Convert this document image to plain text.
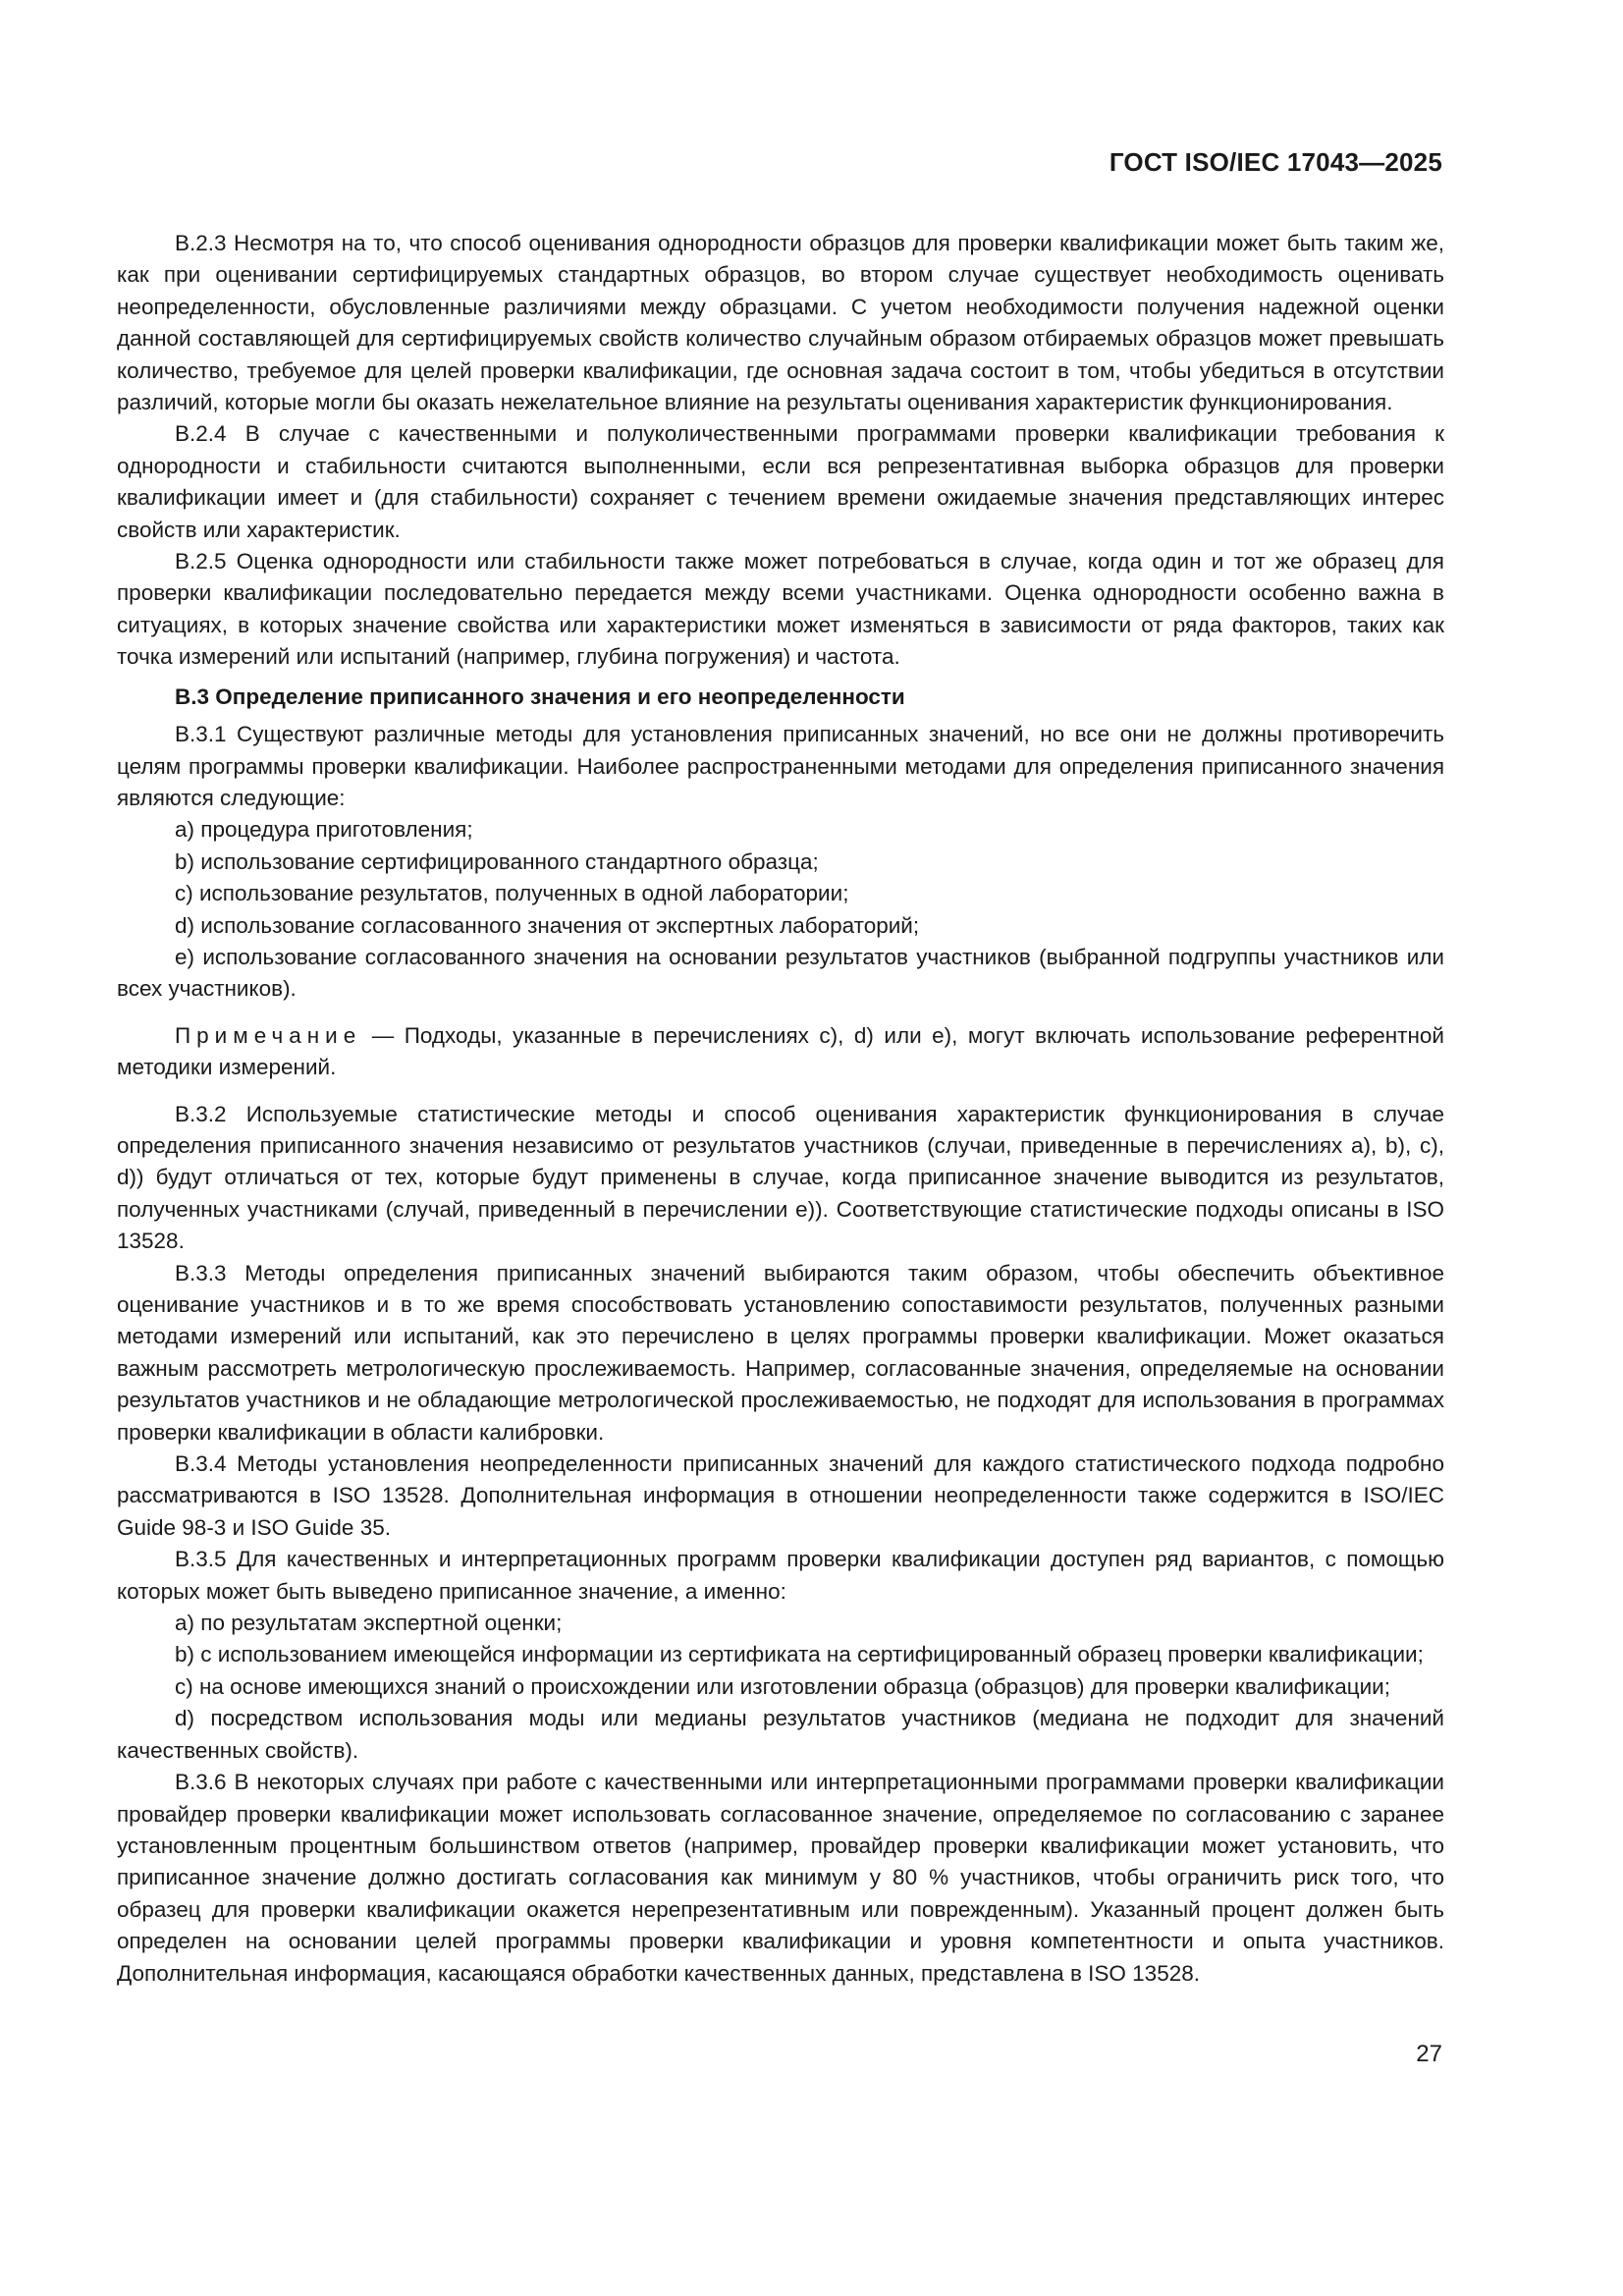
ГОСТ ISO/IEC 17043—2025

B.2.3 Несмотря на то, что способ оценивания однородности образцов для проверки квалификации может быть таким же, как при оценивании сертифицируемых стандартных образцов, во втором случае существует необходимость оценивать неопределенности, обусловленные различиями между образцами. С учетом необходимости получения надежной оценки данной составляющей для сертифицируемых свойств количество случайным образом отбираемых образцов может превышать количество, требуемое для целей проверки квалификации, где основная задача состоит в том, чтобы убедиться в отсутствии различий, которые могли бы оказать нежелательное влияние на результаты оценивания характеристик функционирования.

B.2.4 В случае с качественными и полуколичественными программами проверки квалификации требования к однородности и стабильности считаются выполненными, если вся репрезентативная выборка образцов для проверки квалификации имеет и (для стабильности) сохраняет с течением времени ожидаемые значения представляющих интерес свойств или характеристик.

B.2.5 Оценка однородности или стабильности также может потребоваться в случае, когда один и тот же образец для проверки квалификации последовательно передается между всеми участниками. Оценка однородности особенно важна в ситуациях, в которых значение свойства или характеристики может изменяться в зависимости от ряда факторов, таких как точка измерений или испытаний (например, глубина погружения) и частота.

B.3 Определение приписанного значения и его неопределенности

B.3.1 Существуют различные методы для установления приписанных значений, но все они не должны противоречить целям программы проверки квалификации. Наиболее распространенными методами для определения приписанного значения являются следующие:

a) процедура приготовления;

b) использование сертифицированного стандартного образца;

c) использование результатов, полученных в одной лаборатории;

d) использование согласованного значения от экспертных лабораторий;

e) использование согласованного значения на основании результатов участников (выбранной подгруппы участников или всех участников).

Примечание — Подходы, указанные в перечислениях c), d) или e), могут включать использование референтной методики измерений.

B.3.2 Используемые статистические методы и способ оценивания характеристик функционирования в случае определения приписанного значения независимо от результатов участников (случаи, приведенные в перечислениях a), b), c), d)) будут отличаться от тех, которые будут применены в случае, когда приписанное значение выводится из результатов, полученных участниками (случай, приведенный в перечислении e)). Соответствующие статистические подходы описаны в ISO 13528.

B.3.3 Методы определения приписанных значений выбираются таким образом, чтобы обеспечить объективное оценивание участников и в то же время способствовать установлению сопоставимости результатов, полученных разными методами измерений или испытаний, как это перечислено в целях программы проверки квалификации. Может оказаться важным рассмотреть метрологическую прослеживаемость. Например, согласованные значения, определяемые на основании результатов участников и не обладающие метрологической прослеживаемостью, не подходят для использования в программах проверки квалификации в области калибровки.

B.3.4 Методы установления неопределенности приписанных значений для каждого статистического подхода подробно рассматриваются в ISO 13528. Дополнительная информация в отношении неопределенности также содержится в ISO/IEC Guide 98-3 и ISO Guide 35.

B.3.5 Для качественных и интерпретационных программ проверки квалификации доступен ряд вариантов, с помощью которых может быть выведено приписанное значение, а именно:

a) по результатам экспертной оценки;

b) с использованием имеющейся информации из сертификата на сертифицированный образец проверки квалификации;

c) на основе имеющихся знаний о происхождении или изготовлении образца (образцов) для проверки квалификации;

d) посредством использования моды или медианы результатов участников (медиана не подходит для значений качественных свойств).

B.3.6 В некоторых случаях при работе с качественными или интерпретационными программами проверки квалификации провайдер проверки квалификации может использовать согласованное значение, определяемое по согласованию с заранее установленным процентным большинством ответов (например, провайдер проверки квалификации может установить, что приписанное значение должно достигать согласования как минимум у 80 % участников, чтобы ограничить риск того, что образец для проверки квалификации окажется нерепрезентативным или поврежденным). Указанный процент должен быть определен на основании целей программы проверки квалификации и уровня компетентности и опыта участников. Дополнительная информация, касающаяся обработки качественных данных, представлена в ISO 13528.

27
